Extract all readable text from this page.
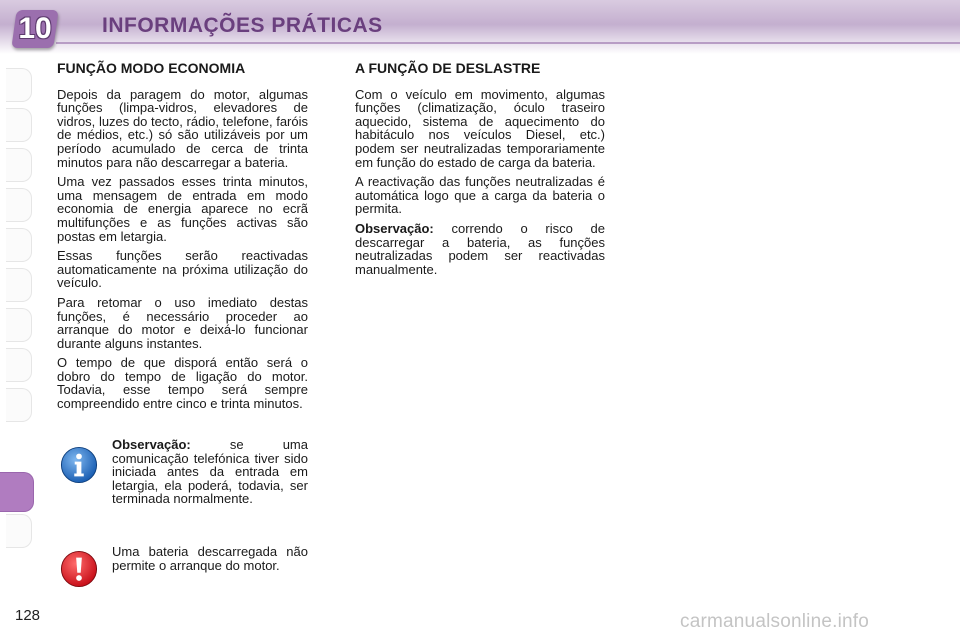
10 INFORMAÇÕES PRÁTICAS
FUNÇÃO MODO ECONOMIA

Depois da paragem do motor, algumas funções (limpa-vidros, elevadores de vidros, luzes do tecto, rádio, telefone, faróis de médios, etc.) só são utilizáveis por um período acumulado de cerca de trinta minutos para não descarregar a bateria.

Uma vez passados esses trinta minutos, uma mensagem de entrada em modo economia de energia aparece no ecrã multifunções e as funções activas são postas em letargia.

Essas funções serão reactivadas automaticamente na próxima utilização do veículo.

Para retomar o uso imediato destas funções, é necessário proceder ao arranque do motor e deixá-lo funcionar durante alguns instantes.

O tempo de que disporá então será o dobro do tempo de ligação do motor. Todavia, esse tempo será sempre compreendido entre cinco e trinta minutos.

Observação: se uma comunicação telefónica tiver sido iniciada antes da entrada em letargia, ela poderá, todavia, ser terminada normalmente.
Uma bateria descarregada não permite o arranque do motor.
A FUNÇÃO DE DESLASTRE

Com o veículo em movimento, algumas funções (climatização, óculo traseiro aquecido, sistema de aquecimento do habitáculo nos veículos Diesel, etc.) podem ser neutralizadas temporariamente em função do estado de carga da bateria.

A reactivação das funções neutralizadas é automática logo que a carga da bateria o permita.

Observação: correndo o risco de descarregar a bateria, as funções neutralizadas podem ser reactivadas manualmente.

128	carmanualsonline.info
